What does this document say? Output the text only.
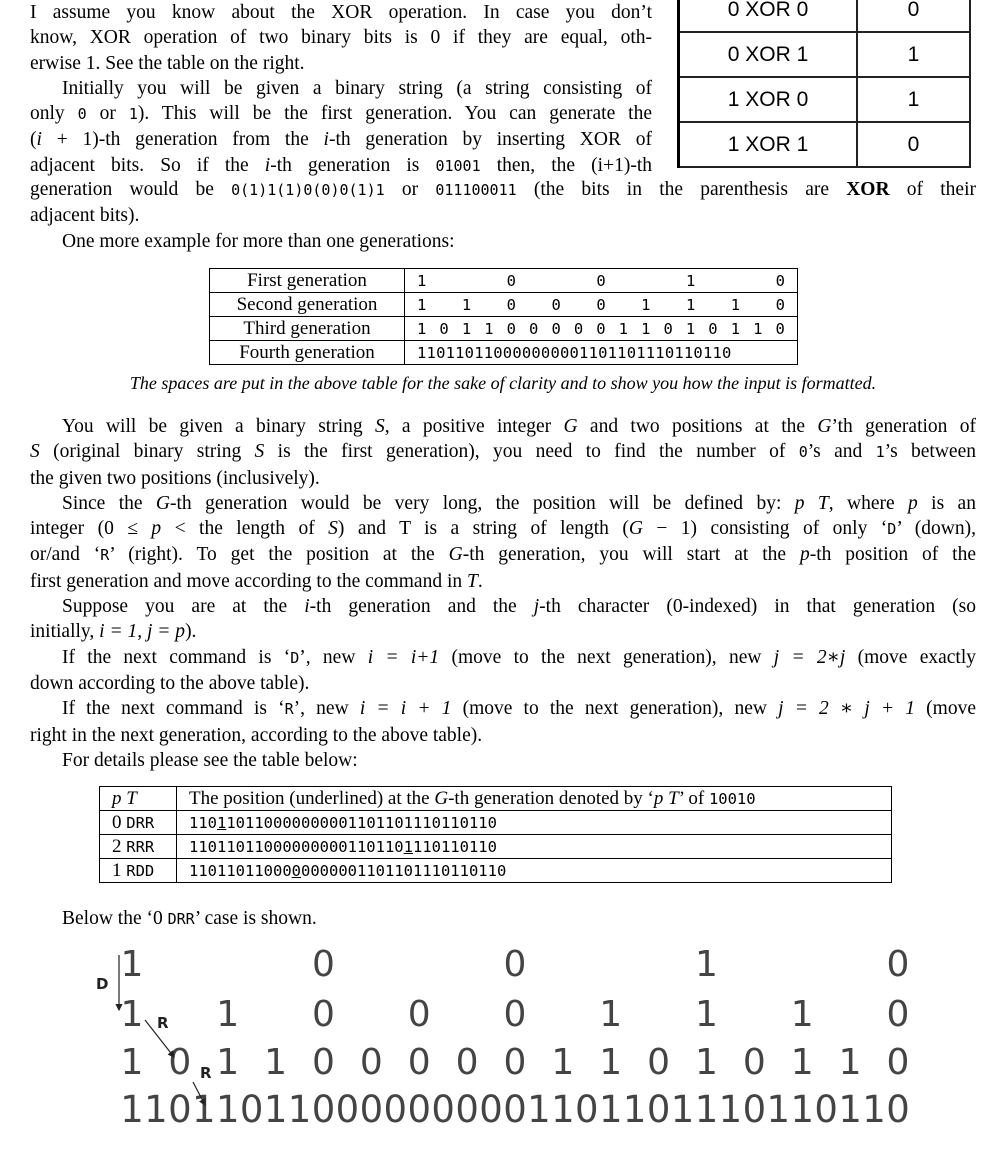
I assume you know about the XOR operation. In case you don’t
know, XOR operation of two binary bits is 0 if they are equal, oth-
erwise 1. See the table on the right.
Initially you will be given a binary string (a string consisting of
only 0 or 1). This will be the first generation. You can generate the
(i + 1)-th generation from the i-th generation by inserting XOR of
adjacent bits. So if the i-th generation is 01001 then, the (i+1)-th
generation would be 0(1)1(1)0(0)0(1)1 or 011100011 (the bits in the parenthesis are XOR of their
adjacent bits).
One more example for more than one generations:
0 XOR 0	0
0 XOR 1	1
1 XOR 0	1
1 XOR 1	0
First generation	1 0 0 1 0

Second generation	1 1 0 0 0 1 1 1 0

Third generation	1 0 1 1 0 0 0 0 0 1 1 0 1 0 1 1 0

Fourth generation	110110110000000001101101110110110
The spaces are put in the above table for the sake of clarity and to show you how the input is formatted.
You will be given a binary string S, a positive integer G and two positions at the G’th generation of
S (original binary string S is the first generation), you need to find the number of 0’s and 1’s between
the given two positions (inclusively).
Since the G-th generation would be very long, the position will be defined by: p T, where p is an
integer (0 ≤ p < the length of S) and T is a string of length (G − 1) consisting of only ‘D’ (down),
or/and ‘R’ (right). To get the position at the G-th generation, you will start at the p-th position of the
first generation and move according to the command in T.
Suppose you are at the i-th generation and the j-th character (0-indexed) in that generation (so
initially, i = 1, j = p).
If the next command is ‘D’, new i = i+1 (move to the next generation), new j = 2∗j (move exactly
down according to the above table).
If the next command is ‘R’, new i = i + 1 (move to the next generation), new j = 2 ∗ j + 1 (move
right in the next generation, according to the above table).
For details please see the table below:
p T	The position (underlined) at the G-th generation denoted by ‘p T’ of 10010
0 DRR	110110110000000001101101110110110
2 RRR	110110110000000001101101110110110
1 RDD	1101101100000000001101101110110110
Below the ‘0 DRR’ case is shown.
1	0	0	1	0
1 1 0 0 0 1 1 1 0
1 0 1 1 0 0 0 0 0 1 1 0 1 0 1 1 0
1 1 0 1 1 0 1 1 0 0 0 0 0 0 0 0 0 1 1 0 1 1 0 1 1 1 0 1 1 0 1 1 0
D
R
R
